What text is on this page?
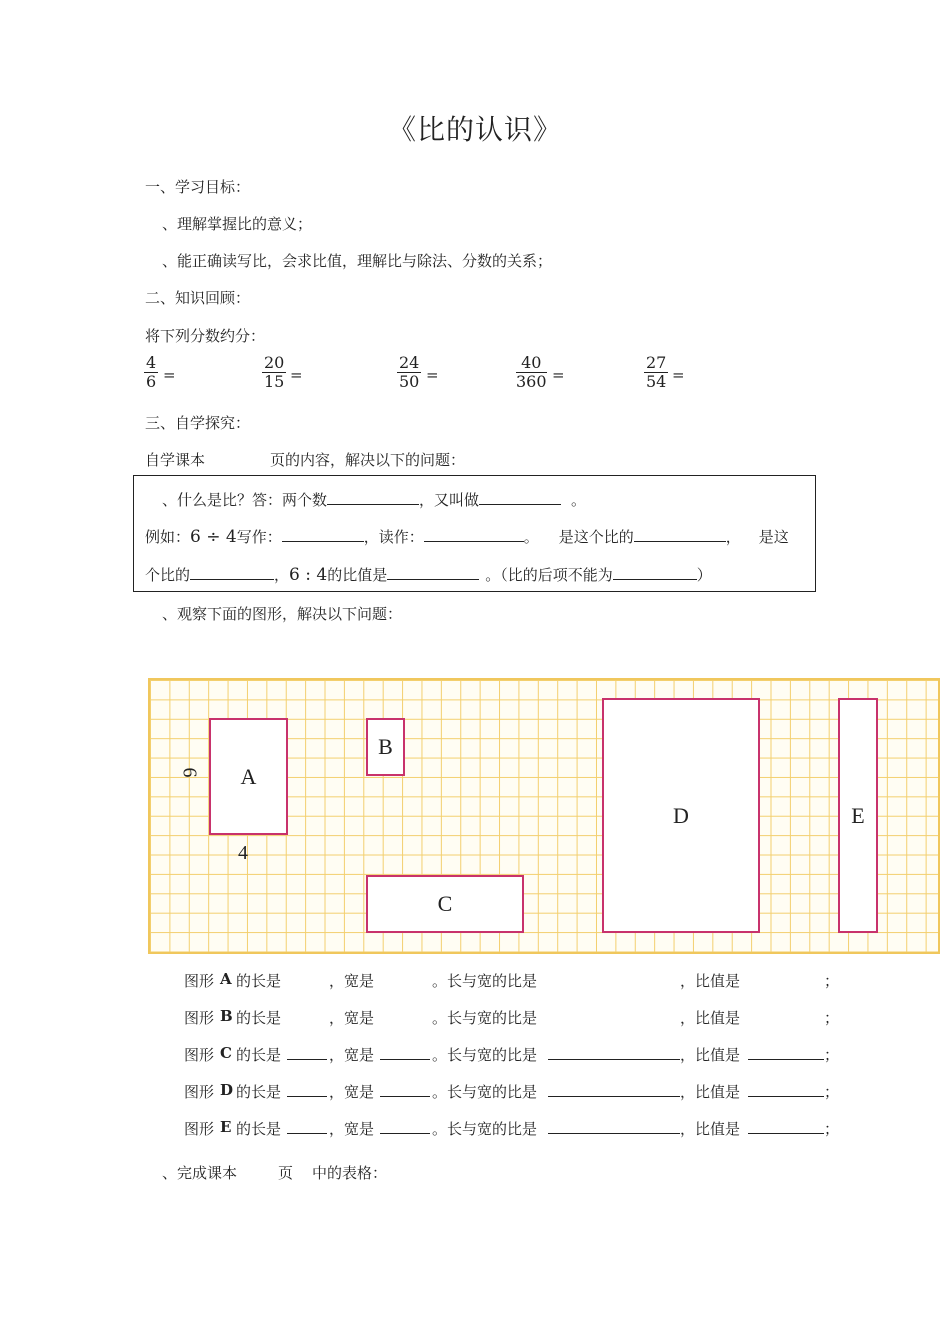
《比的认识》
一、学习目标：
、理解掌握比的意义；
、能正确读写比，会求比值，理解比与除法、分数的关系；
二、知识回顾：
将下列分数约分：
$\frac{4}{6}$ =	$\frac{20}{15}$ =	$\frac{24}{50}$ =	$\frac{40}{360}$ =	$\frac{27}{54}$ =
三、自学探究：
自学课本	页的内容，解决以下的问题：
、什么是比？答：两个数	，又叫做	。
例如：6 ÷ 4写作：	，读作：	。 是这个比的	， 是这
个比的	，6 : 4的比值是	。（比的后项不能为	）
、观察下面的图形，解决以下问题：
A
B
C
D	E
6
4
图形 A 的长是	，宽是	。长与宽的比是	，比值是	；
图形 B 的长是	，宽是	。长与宽的比是	，比值是	；
图形 C 的长是	，宽是	。长与宽的比是	，比值是	；
图形 D 的长是	，宽是	。长与宽的比是	，比值是	；
图形 E 的长是	，宽是	。长与宽的比是	，比值是	；
、完成课本	页 中的表格：
